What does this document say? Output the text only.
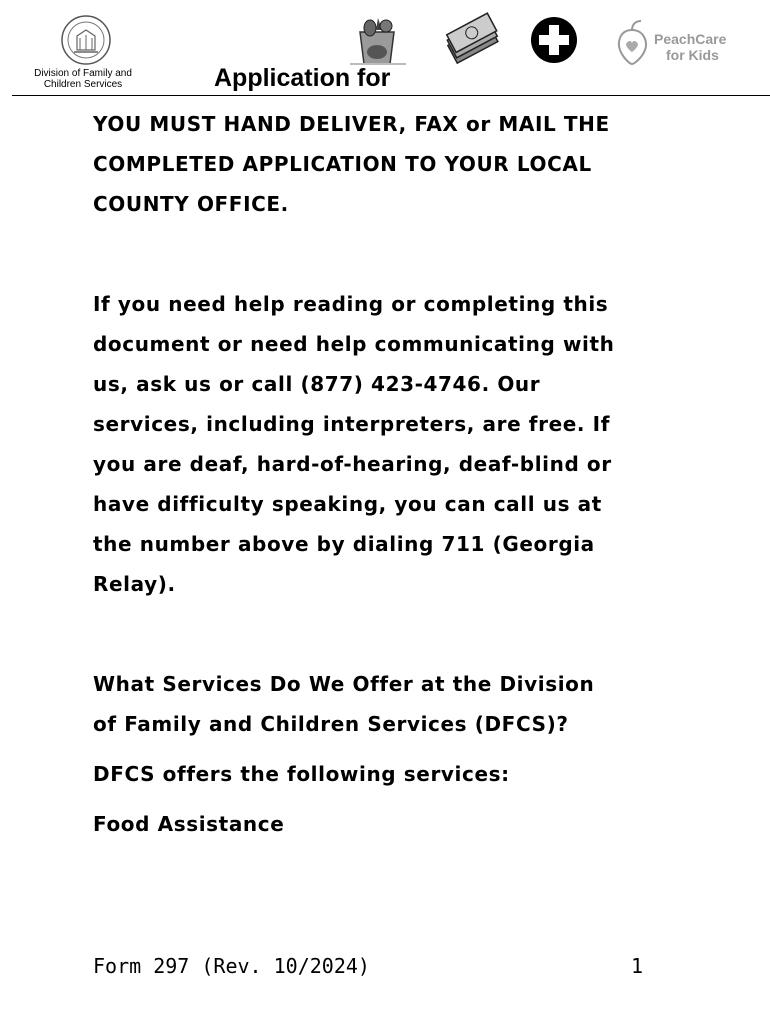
Division of Family and Children Services
PeachCare
for Kids
Application for

YOU MUST HAND DELIVER, FAX or MAIL THE

COMPLETED APPLICATION TO YOUR LOCAL

COUNTY OFFICE.

If you need help reading or completing this

document or need help communicating with

us, ask us or call (877) 423-4746. Our

services, including interpreters, are free. If

you are deaf, hard-of-hearing, deaf-blind or

have difficulty speaking, you can call us at

the number above by dialing 711 (Georgia

Relay).

What Services Do We Offer at the Division

of Family and Children Services (DFCS)?

DFCS offers the following services:

Food Assistance

Form 297 (Rev. 10/2024)	1
